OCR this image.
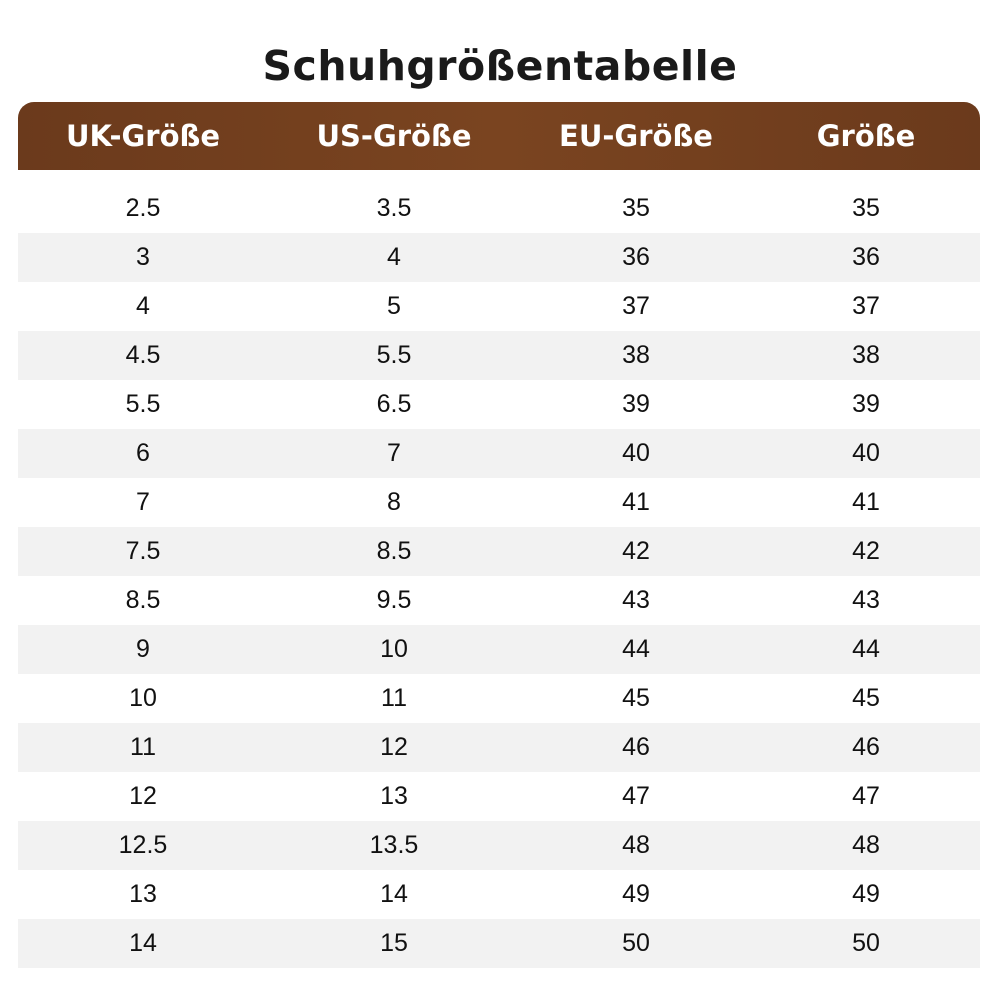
Schuhgrößentabelle
UK-Größe	US-Größe	EU-Größe	Größe
2.5	3.5	35	35
3	4	36	36
4	5	37	37
4.5	5.5	38	38
5.5	6.5	39	39
6	7	40	40
7	8	41	41
7.5	8.5	42	42
8.5	9.5	43	43
9	10	44	44
10	11	45	45
11	12	46	46
12	13	47	47
12.5	13.5	48	48
13	14	49	49
14	15	50	50
